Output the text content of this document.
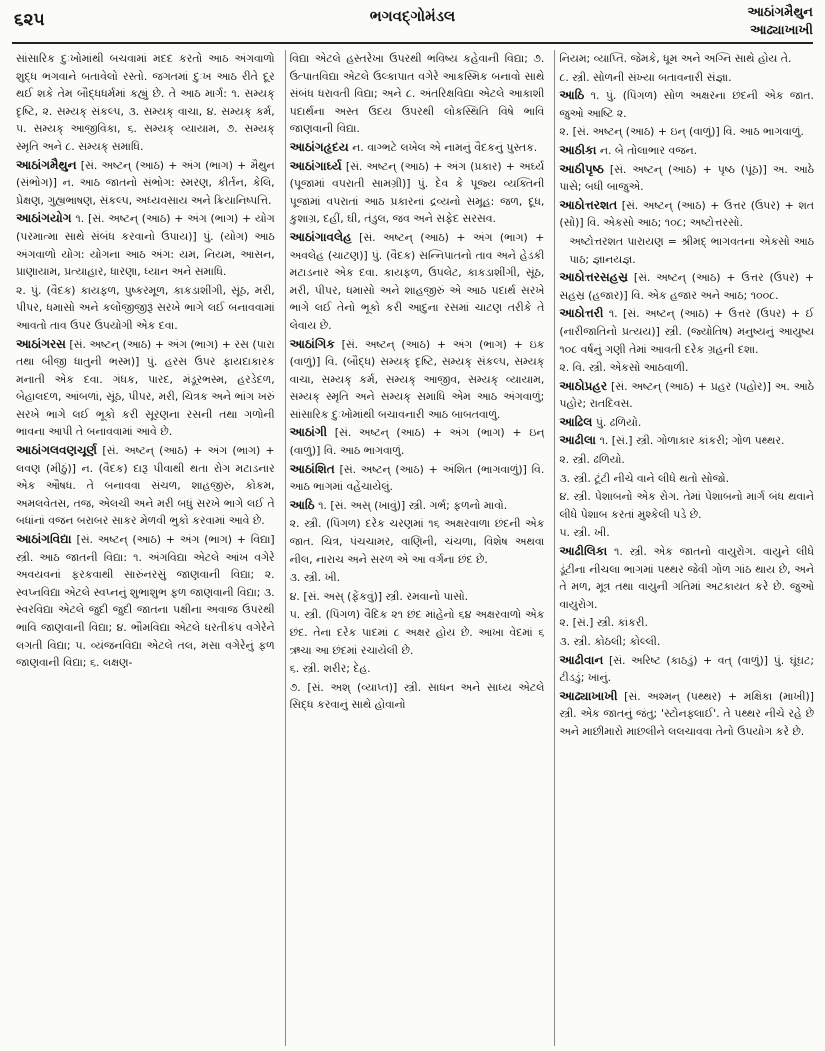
૬૨૫	ભગવદ્ગોમંડલ	આઠાંગમૈથુન
આઢ્યાખાખી

સાંસારિક દુઃખોમાંથી બચવામાં મદદ કરતો આઠ અંગવાળો શુદ્ધ ભગવાને બતાવેલો રસ્તો. જગતમાં દુઃખ આઠ રીતે દૂર થઈ શકે તેમ બૌદ્ધધર્મમાં કહ્યું છે. તે આઠ માર્ગ: ૧. સમ્યક્ દૃષ્ટિ, ૨. સમ્યક્ સંકલ્પ, ૩. સમ્યક્ વાચા, ૪. સમ્યક્ કર્મ, ૫. સમ્યક્ આજીવિકા, ૬. સમ્યક્ વ્યાયામ, ૭. સમ્યક્ સ્મૃતિ અને ૮. સમ્યક્ સમાધિ.

આઠાંગમૈથુન [સં. અષ્ટન્ (આઠ) + અંગ (ભાગ) + મૈથુન (સંભોગ)] ન. આઠ જાતનો સંભોગ: સ્મરણ, કીર્તન, કેલિ, પ્રેક્ષણ, ગુહ્યભાષણ, સંકલ્પ, અધ્યવસાય અને ક્રિયાનિષ્પત્તિ.

આઠાંગયોગ ૧. [સં. અષ્ટન્ (આઠ) + અંગ (ભાગ) + યોગ (પરમાત્મા સાથે સંબંધ કરવાનો ઉપાય)] પું. (યોગ) આઠ અંગવાળો યોગ: યોગના આઠ અંગ: યમ, નિયમ, આસન, પ્રાણાયામ, પ્રત્યાહાર, ધારણા, ધ્યાન અને સમાધિ.

૨. પું. (વૈદક) કાયફળ, પુષ્કરમૂળ, કાકડાશીંગી, સૂંઠ, મરી, પીપર, ધમાસો અને કલોંજીજીરૂં સરખે ભાગે લઈ બનાવવામાં આવતો તાવ ઉપર ઉપયોગી એક દવા.

આઠાંગરસ [સં. અષ્ટન્ (આઠ) + અંગ (ભાગ) + રસ (પારા તથા બીજી ધાતુની ભસ્મ)] પું. હરસ ઉપર ફાયદાકારક મનાતી એક દવા. ગંધક, પારદ, મંડૂરભસ્મ, હરડેદળ, બેહાલદળ, આંબળાં, સૂંઠ, પીપર, મરી, ચિત્રક અને ભાંગ ખરું સરખે ભાગે લઈ ભૂકો કરી સૂરણના રસની તથા ગળોની ભાવના આપી તે બનાવવામાં આવે છે.

આઠાંગલવણચૂર્ણ [સં. અષ્ટન્ (આઠ) + અંગ (ભાગ) + લવણ (મીઠું)] ન. (વૈદક) દારૂ પીવાથી થતા રોગ મટાડનાર એક ઔષધ. તે બનાવવા સંચળ, શાહજીરું, કોકમ, અમલવેતસ, તજ, એલચી અને મરી બધું સરખે ભાગે લઈ તે બધાંનાં વજન બરાબર સાકર મેળવી ભુકો કરવામાં આવે છે.

આઠાંગવિદ્યા [સં. અષ્ટન્ (આઠ) + અંગ (ભાગ) + વિદ્યા] સ્ત્રી. આઠ જાતની વિદ્યા: ૧. અંગવિદ્યા એટલે આંખ વગેરે અવયવનાં ફરકવાથી સારુંનરસું જાણવાની વિદ્યા; ૨. સ્વપ્નવિદ્યા એટલે સ્વપ્નનું શુભાશુભ ફળ જાણવાની વિદ્યા; ૩. સ્વરવિદ્યા એટલે જુદી જુદી જાતના પક્ષીના અવાજ ઉપરથી ભાવિ જાણવાની વિદ્યા; ૪. ભૌમવિદ્યા એટલે ધરતીકંપ વગેરેને લગતી વિદ્યા; ૫. વ્યંજનવિદ્યા એટલે તલ, મસા વગેરેનું ફળ જાણવાની વિદ્યા; ૬. લક્ષણ-

વિદ્યા એટલે હસ્તરેખા ઉપરથી ભવિષ્ય કહેવાની વિદ્યા; ૭. ઉત્પાતવિદ્યા એટલે ઉલ્કાપાત વગેરે આકસ્મિક બનાવો સાથે સંબંધ ધરાવતી વિદ્યા; અને ૮. અંતરિક્ષવિદ્યા એટલે આકાશી પદાર્થના અસ્ત ઉદય ઉપરથી લોકસ્થિતિ વિષે ભાવિ જાણવાની વિદ્યા.

આઠાંગહૃદય ન. વાગ્ભટે લખેલ એ નામનું વૈદકનું પુસ્તક.

આઠાંગાર્ઘ્ય [સં. અષ્ટન્ (આઠ) + અંગ (પ્રકાર) + અર્ઘ્ય (પૂજામાં વપરાતી સામગ્રી)] પું. દેવ કે પૂજ્ય વ્યક્તિની પૂજામાં વપરાતાં આઠ પ્રકારનાં દ્રવ્યનો સમૂહ: જળ, દૂધ, કુશાગ્ર, દહીં, ઘી, તંડુલ, જવ અને સફેદ સરસવ.

આઠાંગાવલેહ [સં. અષ્ટન્ (આઠ) + અંગ (ભાગ) + અવલેહ (ચાટણ)] પું. (વૈદક) સન્નિપાતનો તાવ અને હેડકી મટાડનાર એક દવા. કાયફળ, ઉપલેટ, કાકડાશીંગી, સૂંઠ, મરી, પીપર, ધમાસો અને શાહજીરું એ આઠ પદાર્થ સરખે ભાગે લઈ તેનો ભૂકો કરી આદુના રસમાં ચાટણ તરીકે તે લેવાય છે.

આઠાંગિક [સં. અષ્ટન્ (આઠ) + અંગ (ભાગ) + ઇક (વાળું)] વિ. (બૌદ્ધ) સમ્યક્ દૃષ્ટિ, સમ્યક્ સંકલ્પ, સમ્યક્ વાચા, સમ્યક્ કર્મ, સમ્યક્ આજીવ, સમ્યક્ વ્યાયામ, સમ્યક્ સ્મૃતિ અને સમ્યક્ સમાધિ એમ આઠ અંગવાળું; સાંસારિક દુઃખોમાંથી બચાવનારી આઠ બાબતવાળું.

આઠાંગી [સં. અષ્ટન્ (આઠ) + અંગ (ભાગ) + ઇન્ (વાળું)] વિ. આઠ ભાગવાળું.

આઠાંશિત [સં. અષ્ટન્ (આઠ) + અંશિત (ભાગવાળું)] વિ. આઠ ભાગમાં વહેંચાયેલું.

આઠિ ૧. [સં. અસ્ (ખાવું)] સ્ત્રી. ગર્ભ; ફળનો માવો.

૨. સ્ત્રી. (પિંગળ) દરેક ચરણમાં ૧૬ અક્ષરવાળા છંદની એક જાત. ચિત્ર, પંચચામર, વાણિની, ચંચળા, વિશેષ અથવા નીલ, નારાચ અને સરળ એ આ વર્ગના છંદ છે.

૩. સ્ત્રી. ખી.

૪. [સં. અસ્ (ફેંકવું)] સ્ત્રી. રમવાનો પાસો.

૫. સ્ત્રી. (પિંગળ) વૈદિક ૨૧ છંદ માંહેનો ૬૪ અક્ષરવાળો એક છંદ. તેના દરેક પાદમાં ૮ અક્ષર હોય છે. આખા વેદમાં ૬ ઋચા આ છંદમાં રચાયેલી છે.

૬. સ્ત્રી. શરીર; દેહ.

૭. [સં. અશ્ (વ્યાપ્ત)] સ્ત્રી. સાધન અને સાધ્ય એટલે સિદ્ધ કરવાનું સાથે હોવાનો

નિયમ; વ્યાપ્તિ. જેમકે, ધૂમ અને અગ્નિ સાથે હોય તે.

૮. સ્ત્રી. સોળની સંખ્યા બતાવનારી સંજ્ઞા.

આઠિ ૧. પું. (પિંગળ) સોળ અક્ષરના છંદની એક જાત. જુઓ આષ્ટિ ૨.

૨. [સં. અષ્ટન્ (આઠ) + ઇન્ (વાળું)] વિ. આઠ ભાગવાળું.

આઠીકા ન. બે તોલાભાર વજન.

આઠીપૃષ્ઠ [સં. અષ્ટન્ (આઠ) + પૃષ્ઠ (પૂંઠ)] અ. આઠે પાસે; બધી બાજુએ.

આઠોત્તરશત [સં. અષ્ટન્ (આઠ) + ઉત્તર (ઉપર) + શત (સો)] વિ. એકસો આઠ; ૧૦૮; અષ્ટોત્તરસો.

અષ્ટોત્તરશત પારાયણ = શ્રીમદ્ ભાગવતના એકસો આઠ પાઠ; જ્ઞાનયજ્ઞ.

આઠોત્તરસહસ્ર [સં. અષ્ટન્ (આઠ) + ઉત્તર (ઉપર) + સહસ્ર (હજાર)] વિ. એક હજાર અને આઠ; ૧૦૦૮.

આઠોત્તરી ૧. [સં. અષ્ટન્ (આઠ) + ઉત્તર (ઉપર) + ઈ (નારીજાતિનો પ્રત્યય)] સ્ત્રી. (જ્યોતિષ) મનુષ્યનું આયુષ્ય ૧૦૮ વર્ષનું ગણી તેમાં આવતી દરેક ગ્રહની દશા.

૨. વિ. સ્ત્રી. એકસો આઠવાળી.

આઠોપ્રહર [સં. અષ્ટન્ (આઠ) + પ્રહર (પહોર)] અ. આઠે પહોર; રાતદિવસ.

આઢિલ પું. ઢળિયો.

આઢીલા ૧. [સં.] સ્ત્રી. ગોળાકાર કાંકરી; ગોળ પથ્થર.

૨. સ્ત્રી. ઢળિયો.

૩. સ્ત્રી. ટૂંટી નીચે વાને લીધે થતો સોજો.

૪. સ્ત્રી. પેશાબનો એક રોગ. તેમાં પેશાબનો માર્ગ બંધ થવાને લીધે પેશાબ કરતાં મુશ્કેલી પડે છે.

૫. સ્ત્રી. ખી.

આઢીલિકા ૧. સ્ત્રી. એક જાતનો વાયુરોગ. વાયુને લીધે ડૂંટીના નીચલા ભાગમાં પથ્થર જેવી ગોળ ગાંઠ થાય છે, અને તે મળ, મૂત્ર તથા વાયુની ગતિમાં અટકાયત કરે છે. જુઓ વાયુરોગ.

૨. [સં.] સ્ત્રી. કાંકરી.

૩. સ્ત્રી. કોઠલી; કોલ્લી.

આઢીવાન [સં. અરિષ્ટ (કાઠડું) + વત્ (વાળું)] પું. ઘૂંઘટ; ટીડડું; ખાનું.

આઢ્યાખાખી [સં. અશ્મન્ (પથ્થર) + મક્ષિકા (માખી)] સ્ત્રી. એક જાતનું જંતુ; 'સ્ટોનફ્લાઈ'. તે પથ્થર નીચે રહે છે અને માછીમારો માછલીને લલચાવવા તેનો ઉપયોગ કરે છે.
